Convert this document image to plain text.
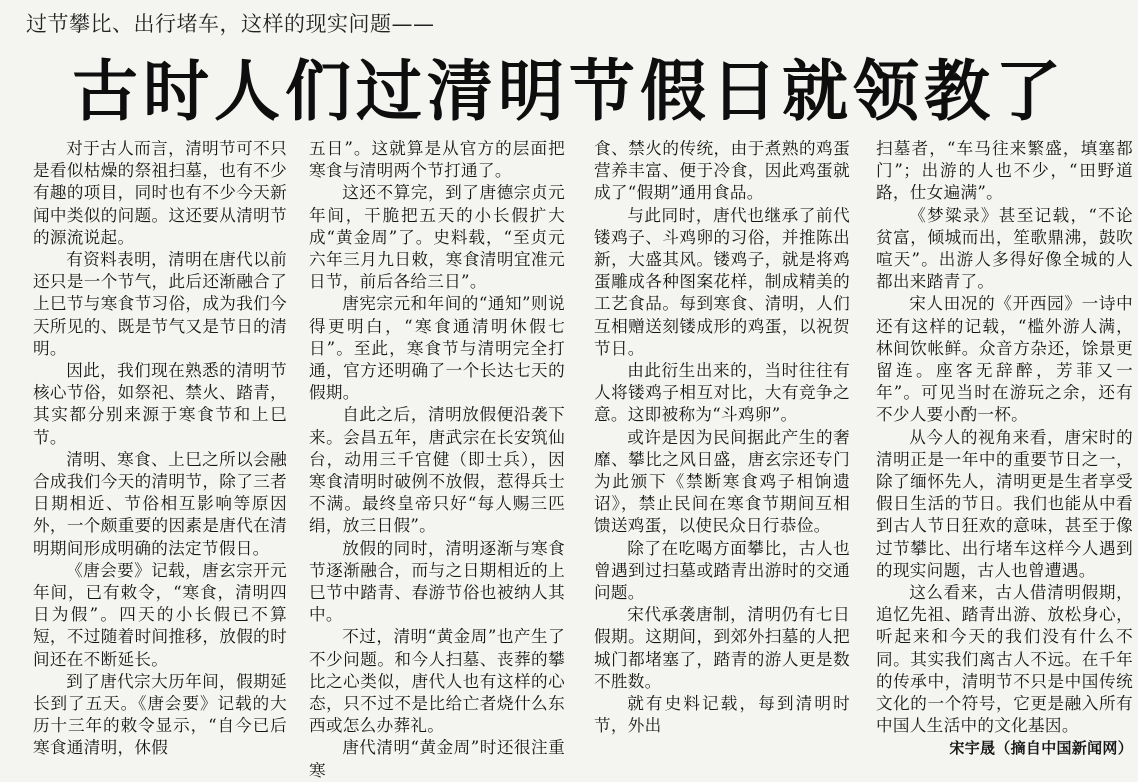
过节攀比、出行堵车，这样的现实问题——
古时人们过清明节假日就领教了

对于古人而言，清明节可不只是看似枯燥的祭祖扫墓，也有不少有趣的项目，同时也有不少今天新闻中类似的问题。这还要从清明节的源流说起。

有资料表明，清明在唐代以前还只是一个节气，此后还渐融合了上巳节与寒食节习俗，成为我们今天所见的、既是节气又是节日的清明。

因此，我们现在熟悉的清明节核心节俗，如祭祀、禁火、踏青，其实都分别来源于寒食节和上巳节。

清明、寒食、上巳之所以会融合成我们今天的清明节，除了三者日期相近、节俗相互影响等原因外，一个颇重要的因素是唐代在清明期间形成明确的法定节假日。

《唐会要》记载，唐玄宗开元年间，已有敕令，“寒食，清明四日为假”。四天的小长假已不算短，不过随着时间推移，放假的时间还在不断延长。

到了唐代宗大历年间，假期延长到了五天。《唐会要》记载的大历十三年的敕令显示，“自今已后寒食通清明，休假

五日”。这就算是从官方的层面把寒食与清明两个节打通了。

这还不算完，到了唐德宗贞元年间，干脆把五天的小长假扩大成“黄金周”了。史料载，“至贞元六年三月九日敕，寒食清明宜准元日节，前后各给三日”。

唐宪宗元和年间的“通知”则说得更明白，“寒食通清明休假七日”。至此，寒食节与清明完全打通，官方还明确了一个长达七天的假期。

自此之后，清明放假便沿袭下来。会昌五年，唐武宗在长安筑仙台，动用三千官健（即士兵），因寒食清明时破例不放假，惹得兵士不满。最终皇帝只好“每人赐三匹绢，放三日假”。

放假的同时，清明逐渐与寒食节逐渐融合，而与之日期相近的上巳节中踏青、春游节俗也被纳人其中。

不过，清明“黄金周”也产生了不少问题。和今人扫墓、丧葬的攀比之心类似，唐代人也有这样的心态，只不过不是比给亡者烧什么东西或怎么办葬礼。

唐代清明“黄金周”时还很注重寒

食、禁火的传统，由于煮熟的鸡蛋营养丰富、便于冷食，因此鸡蛋就成了“假期”通用食品。

与此同时，唐代也继承了前代镂鸡子、斗鸡卵的习俗，并推陈出新，大盛其风。镂鸡子，就是将鸡蛋雕成各种图案花样，制成精美的工艺食品。每到寒食、清明，人们互相赠送刻镂成形的鸡蛋，以祝贺节日。

由此衍生出来的，当时往往有人将镂鸡子相互对比，大有竞争之意。这即被称为“斗鸡卵”。

或许是因为民间据此产生的奢靡、攀比之风日盛，唐玄宗还专门为此颁下《禁断寒食鸡子相饷遗诏》，禁止民间在寒食节期间互相馈送鸡蛋，以使民众日行恭俭。

除了在吃喝方面攀比，古人也曾遇到过扫墓或踏青出游时的交通问题。

宋代承袭唐制，清明仍有七日假期。这期间，到郊外扫墓的人把城门都堵塞了，踏青的游人更是数不胜数。

就有史料记载，每到清明时节，外出

扫墓者，“车马往来繁盛，填塞都门”；出游的人也不少，“田野道路，仕女遍满”。

《梦粱录》甚至记载，“不论贫富，倾城而出，笙歌鼎沸，鼓吹喧天”。出游人多得好像全城的人都出来踏青了。

宋人田况的《开西园》一诗中还有这样的记载，“槛外游人满，林间饮帐鲜。众音方杂还，馀景更留连。座客无辞醉，芳菲又一年”。可见当时在游玩之余，还有不少人要小酌一杯。

从今人的视角来看，唐宋时的清明正是一年中的重要节日之一，除了缅怀先人，清明更是生者享受假日生活的节日。我们也能从中看到古人节日狂欢的意味，甚至于像过节攀比、出行堵车这样今人遇到的现实问题，古人也曾遭遇。

这么看来，古人借清明假期，追忆先祖、踏青出游、放松身心，听起来和今天的我们没有什么不同。其实我们离古人不远。在千年的传承中，清明节不只是中国传统文化的一个符号，它更是融入所有中国人生活中的文化基因。

宋宇晟（摘自中国新闻网）
